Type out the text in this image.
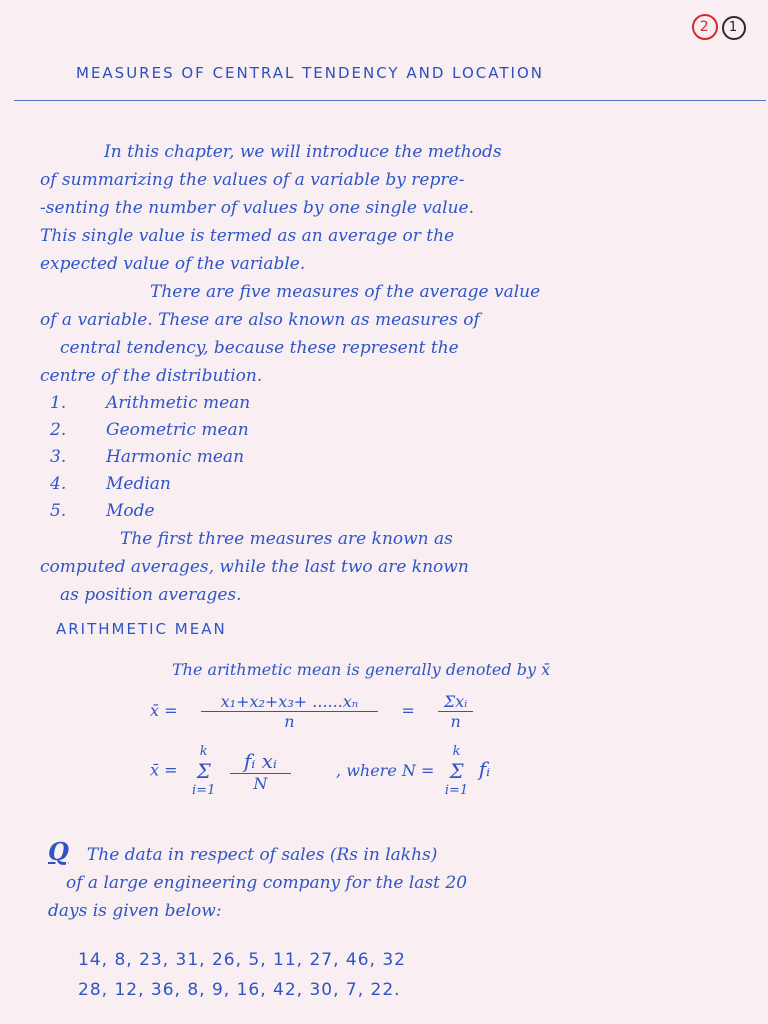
2 1
MEASURES OF CENTRAL TENDENCY AND LOCATION

In this chapter, we will introduce the methods

of summarizing the values of a variable by repre-

-senting the number of values by one single value.

This single value is termed as an average or the

expected value of the variable.

There are five measures of the average value

of a variable. These are also known as measures of

central tendency, because these represent the

centre of the distribution.

1. Arithmetic mean
2. Geometric mean
3. Harmonic mean
4. Median
5. Mode

The first three measures are known as

computed averages, while the last two are known

as position averages.

ARITHMETIC MEAN
The arithmetic mean is generally denoted by x̄
x̄ = $\frac{\text{x₁+x₂+x₃+ ......xₙ}}{n} = \frac{\text{Σxᵢ}}{n}$
x̄ =
k
Σ
i=1
$\frac{\text{fᵢ xᵢ}}{N}$	, where N =
k
Σ
i=1
fᵢ

Q The data in respect of sales (Rs in lakhs)

of a large engineering company for the last 20

days is given below:

14, 8, 23, 31, 26, 5, 11, 27, 46, 32
28, 12, 36, 8, 9, 16, 42, 30, 7, 22.
